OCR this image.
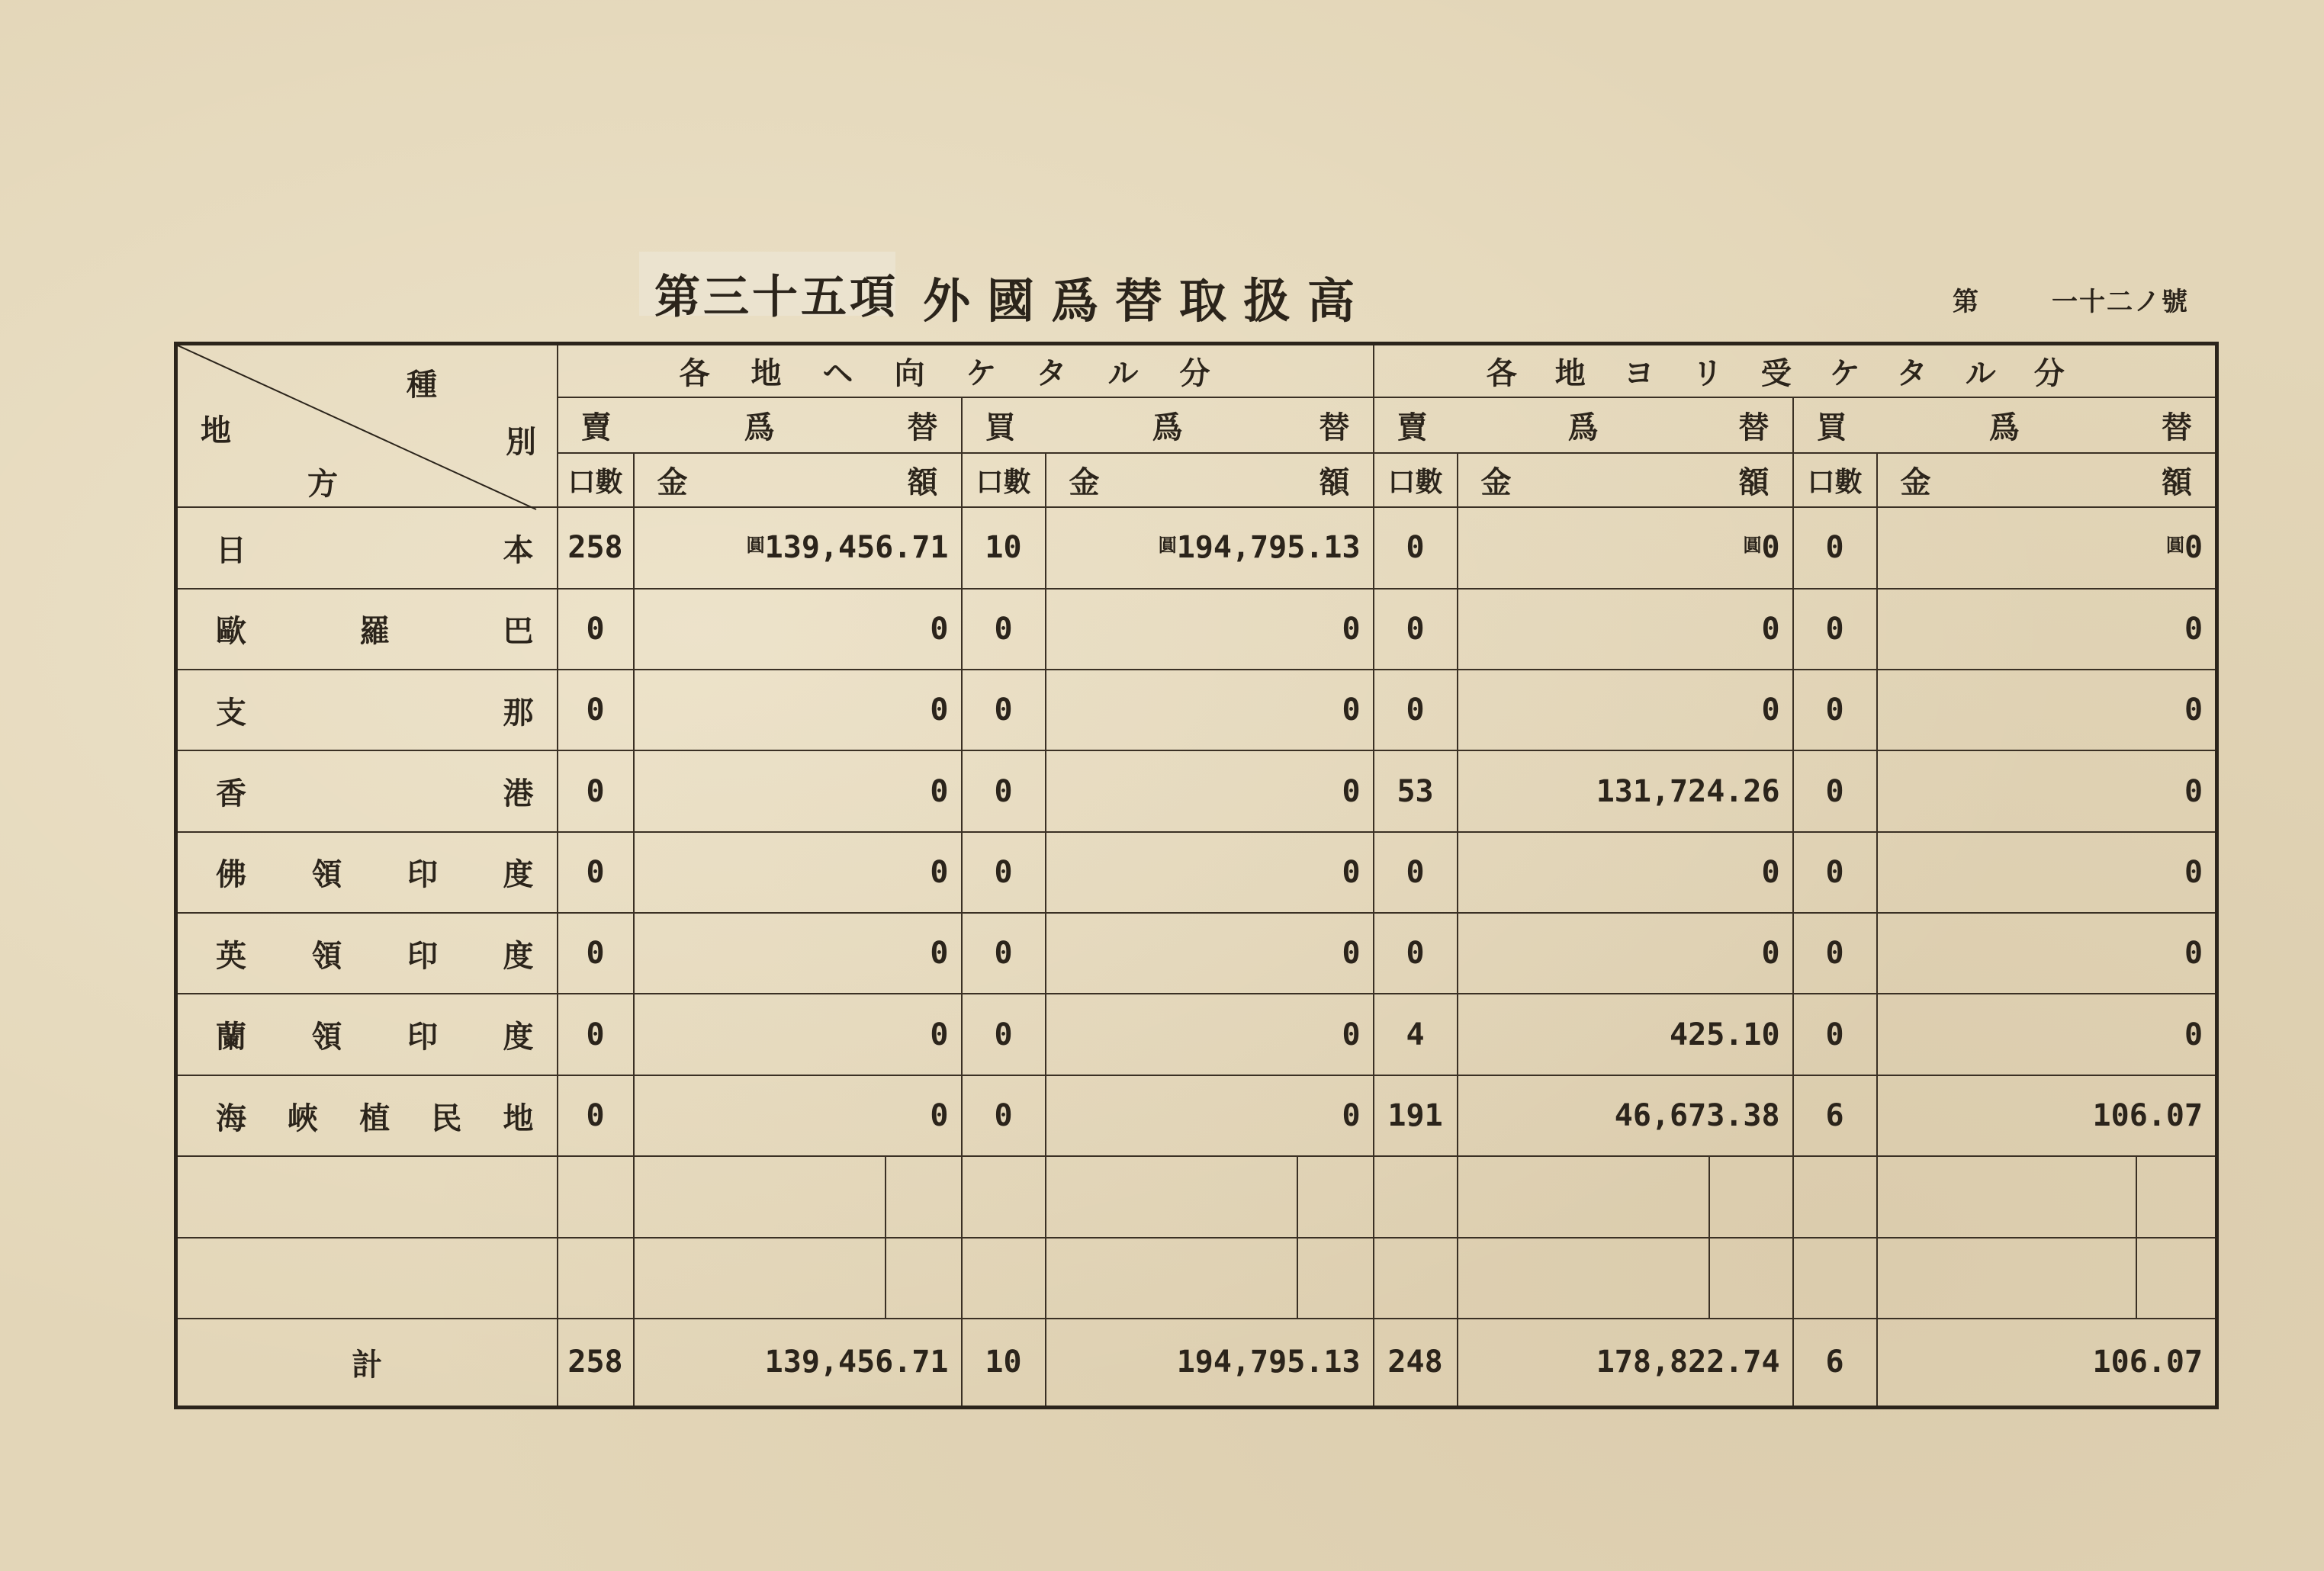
第三十五項 外國爲替取扱高	第	一十二ノ號
種
地 別
方	各地ヘ向ケタル分						各地ヨリ受ケタル分					

	賣 爲 替			買 爲 替			賣 爲 替			買 爲 替		

	口數	金 額		口數	金 額		口數	金 額		口數	金 額	

日 本	258	$^圓$139,456.71		10	$^圓$194,795.13		0	$^圓$0		0	$^圓$0	

歐 羅 巴	0	0		0	0		0	0		0	0	

支 那	0	0		0	0		0	0		0	0	

香 港	0	0		0	0		53	131,724.26		0	0	

佛 領 印 度	0	0		0	0		0	0		0	0	

英 領 印 度	0	0		0	0		0	0		0	0	

蘭 領 印 度	0	0		0	0		4	425.10		0	0	

海 峽 植 民 地	0	0		0	0		191	46,673.38		6	106.07	

計	258	139,456.71		10	194,795.13		248	178,822.74		6	106.07	
